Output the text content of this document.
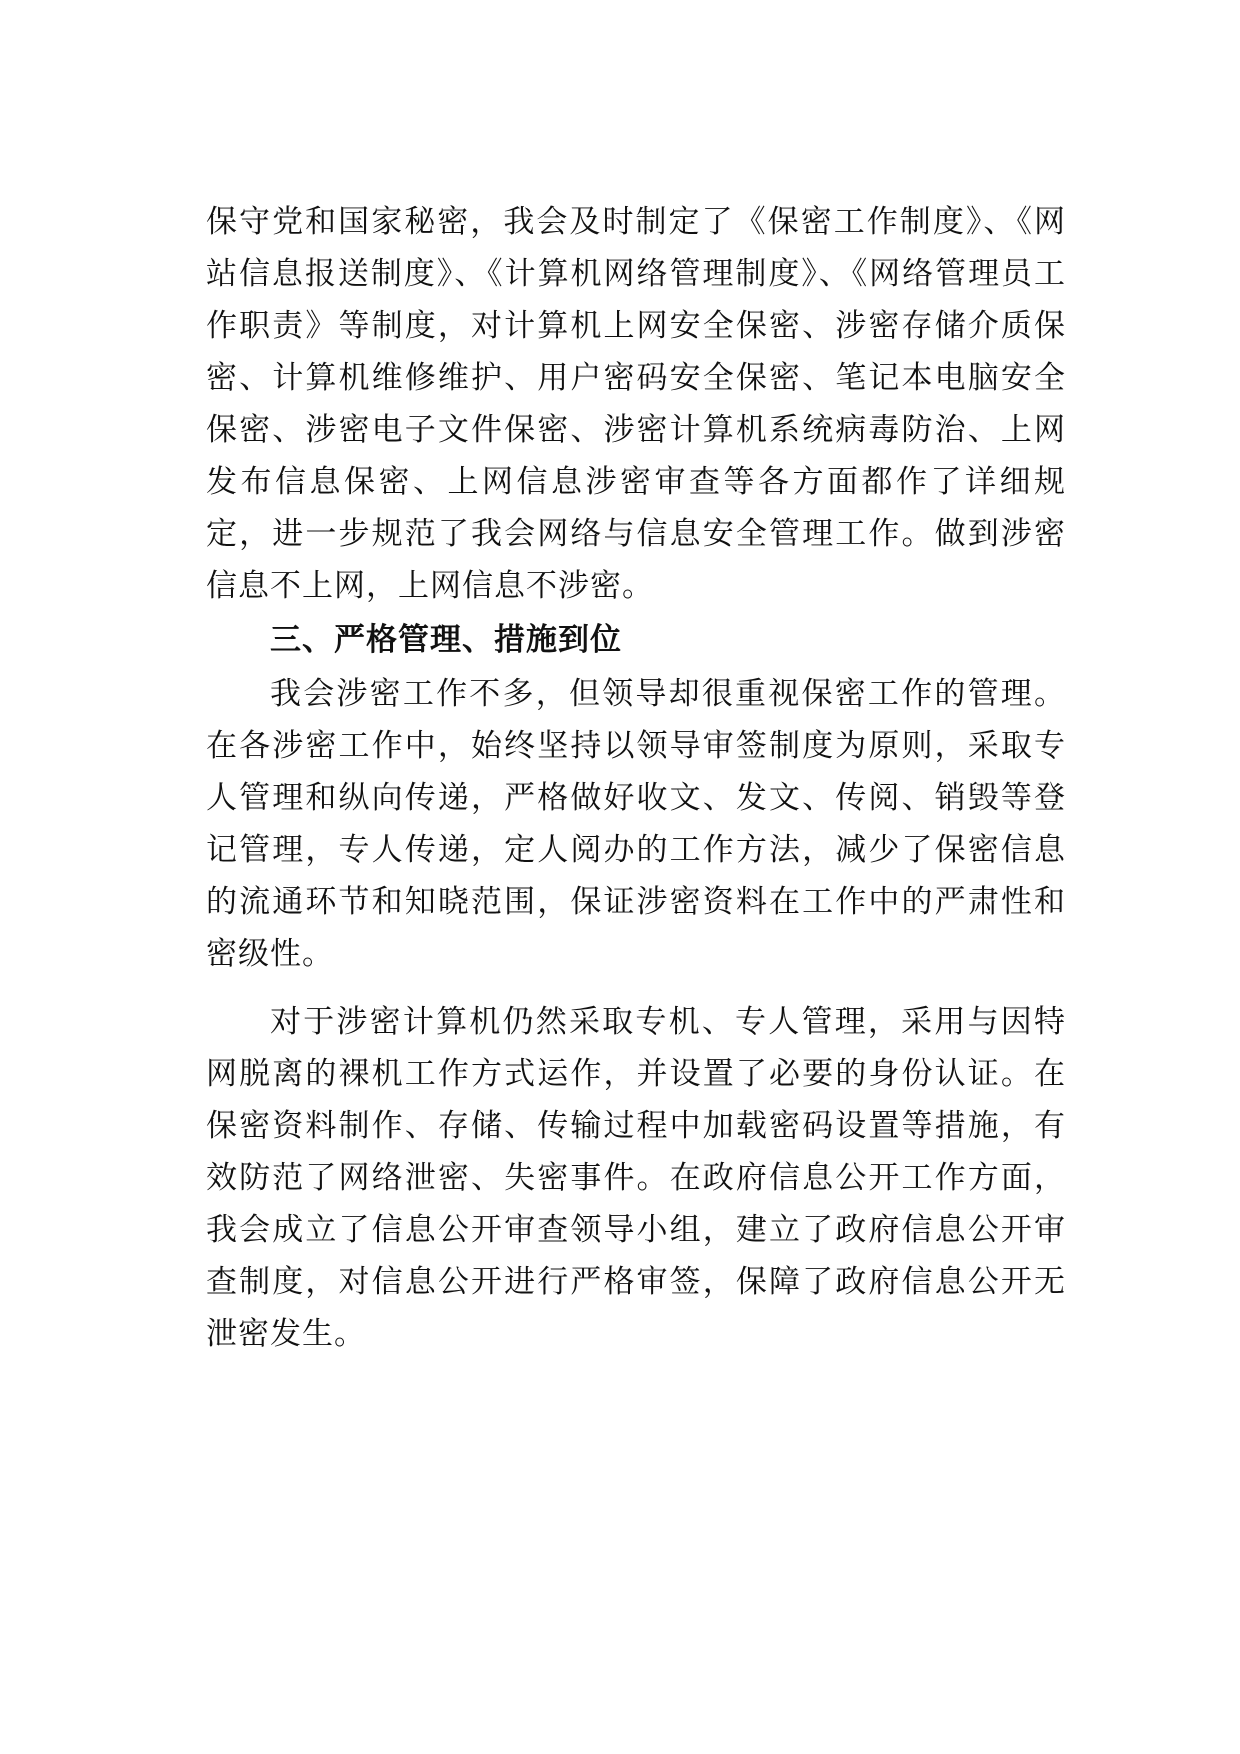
保守党和国家秘密，我会及时制定了《保密工作制度》、《网站信息报送制度》、《计算机网络管理制度》、《网络管理员工作职责》等制度，对计算机上网安全保密、涉密存储介质保密、计算机维修维护、用户密码安全保密、笔记本电脑安全保密、涉密电子文件保密、涉密计算机系统病毒防治、上网发布信息保密、上网信息涉密审查等各方面都作了详细规定，进一步规范了我会网络与信息安全管理工作。做到涉密信息不上网，上网信息不涉密。

三、严格管理、措施到位

我会涉密工作不多，但领导却很重视保密工作的管理。在各涉密工作中，始终坚持以领导审签制度为原则，采取专人管理和纵向传递，严格做好收文、发文、传阅、销毁等登记管理，专人传递，定人阅办的工作方法，减少了保密信息的流通环节和知晓范围，保证涉密资料在工作中的严肃性和密级性。

对于涉密计算机仍然采取专机、专人管理，采用与因特网脱离的裸机工作方式运作，并设置了必要的身份认证。在保密资料制作、存储、传输过程中加载密码设置等措施，有效防范了网络泄密、失密事件。在政府信息公开工作方面，我会成立了信息公开审查领导小组，建立了政府信息公开审查制度，对信息公开进行严格审签，保障了政府信息公开无泄密发生。
